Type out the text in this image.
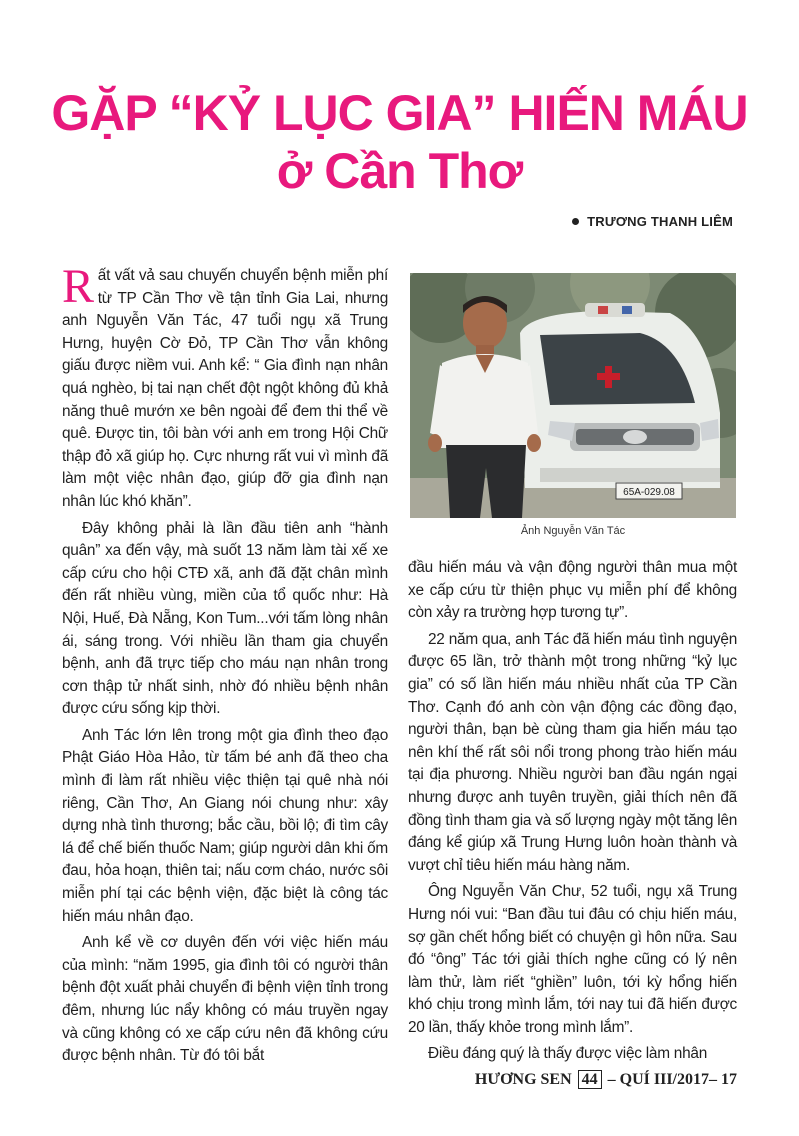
GẶP “KỶ LỤC GIA” HIẾN MÁU
ở Cần Thơ
TRƯƠNG THANH LIÊM

Rất vất vả sau chuyến chuyển bệnh miễn phí từ TP Cần Thơ về tận tỉnh Gia Lai, nhưng anh Nguyễn Văn Tác, 47 tuổi ngụ xã Trung Hưng, huyện Cờ Đỏ, TP Cần Thơ vẫn không giấu được niềm vui. Anh kể: “ Gia đình nạn nhân quá nghèo, bị tai nạn chết đột ngột không đủ khả năng thuê mướn xe bên ngoài để đem thi thể về quê. Được tin, tôi bàn với anh em trong Hội Chữ thập đỏ xã giúp họ. Cực nhưng rất vui vì mình đã làm một việc nhân đạo, giúp đỡ gia đình nạn nhân lúc khó khăn”.

Đây không phải là lần đầu tiên anh “hành quân” xa đến vậy, mà suốt 13 năm làm tài xế xe cấp cứu cho hội CTĐ xã, anh đã đặt chân mình đến rất nhiều vùng, miền của tổ quốc như: Hà Nội, Huế, Đà Nẵng, Kon Tum...với tấm lòng nhân ái, sáng trong. Với nhiều lần tham gia chuyển bệnh, anh đã trực tiếp cho máu nạn nhân trong cơn thập tử nhất sinh, nhờ đó nhiều bệnh nhân được cứu sống kịp thời.

Anh Tác lớn lên trong một gia đình theo đạo Phật Giáo Hòa Hảo, từ tấm bé anh đã theo cha mình đi làm rất nhiều việc thiện tại quê nhà nói riêng, Cần Thơ, An Giang nói chung như: xây dựng nhà tình thương; bắc cầu, bồi lộ; đi tìm cây lá để chế biến thuốc Nam; giúp người dân khi ốm đau, hỏa hoạn, thiên tai; nấu cơm cháo, nước sôi miễn phí tại các bệnh viện, đặc biệt là công tác hiến máu nhân đạo.

Anh kể về cơ duyên đến với việc hiến máu của mình: “năm 1995, gia đình tôi có người thân bệnh đột xuất phải chuyển đi bệnh viện tỉnh trong đêm, nhưng lúc nẩy không có máu truyền ngay và cũng không có xe cấp cứu nên đã không cứu được bệnh nhân. Từ đó tôi bắt

65A-029.08
Ảnh Nguyễn Văn Tác

đầu hiến máu và vận động người thân mua một xe cấp cứu từ thiện phục vụ miễn phí để không còn xảy ra trường hợp tương tự”.

22 năm qua, anh Tác đã hiến máu tình nguyện được 65 lần, trở thành một trong những “kỷ lục gia” có số lần hiến máu nhiều nhất của TP Cần Thơ. Cạnh đó anh còn vận động các đồng đạo, người thân, bạn bè cùng tham gia hiến máu tạo nên khí thế rất sôi nổi trong phong trào hiến máu tại địa phương. Nhiều người ban đầu ngán ngại nhưng được anh tuyên truyền, giải thích nên đã đồng tình tham gia và số lượng ngày một tăng lên đáng kể giúp xã Trung Hưng luôn hoàn thành và vượt chỉ tiêu hiến máu hàng năm.

Ông Nguyễn Văn Chư, 52 tuổi, ngụ xã Trung Hưng nói vui: “Ban đầu tui đâu có chịu hiến máu, sợ gần chết hổng biết có chuyện gì hôn nữa. Sau đó “ông” Tác tới giải thích nghe cũng có lý nên làm thử, làm riết “ghiền” luôn, tới kỳ hổng hiến khó chịu trong mình lắm, tới nay tui đã hiến được 20 lần, thấy khỏe trong mình lắm”.

Điều đáng quý là thấy được việc làm nhân

HƯƠNG SEN 44 – QUÍ III/2017– 17
